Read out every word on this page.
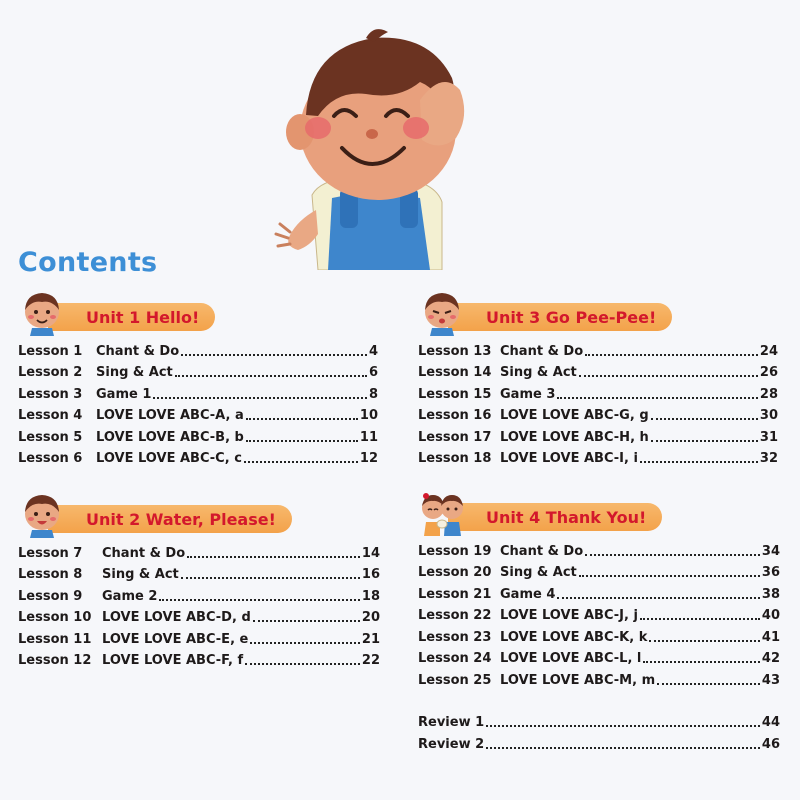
Contents
Unit 1 Hello!
Lesson 1	Chant & Do	4
Lesson 2	Sing & Act	6
Lesson 3	Game 1	8
Lesson 4	LOVE LOVE ABC-A, a	10
Lesson 5	LOVE LOVE ABC-B, b	11
Lesson 6	LOVE LOVE ABC-C, c	12
Unit 2 Water, Please!
Lesson 7	Chant & Do	14
Lesson 8	Sing & Act	16
Lesson 9	Game 2	18
Lesson 10 LOVE LOVE ABC-D, d	20
Lesson 11 LOVE LOVE ABC-E, e	21
Lesson 12 LOVE LOVE ABC-F, f	22
Unit 3 Go Pee-Pee!
Lesson 13 Chant & Do	24
Lesson 14 Sing & Act	26
Lesson 15 Game 3	28
Lesson 16 LOVE LOVE ABC-G, g	30
Lesson 17 LOVE LOVE ABC-H, h	31
Lesson 18 LOVE LOVE ABC-I, i	32
Unit 4 Thank You!
Lesson 19 Chant & Do	34
Lesson 20 Sing & Act	36
Lesson 21 Game 4	38
Lesson 22 LOVE LOVE ABC-J, j	40
Lesson 23 LOVE LOVE ABC-K, k	41
Lesson 24 LOVE LOVE ABC-L, l	42
Lesson 25 LOVE LOVE ABC-M, m	43
Review 1	44
Review 2	46
